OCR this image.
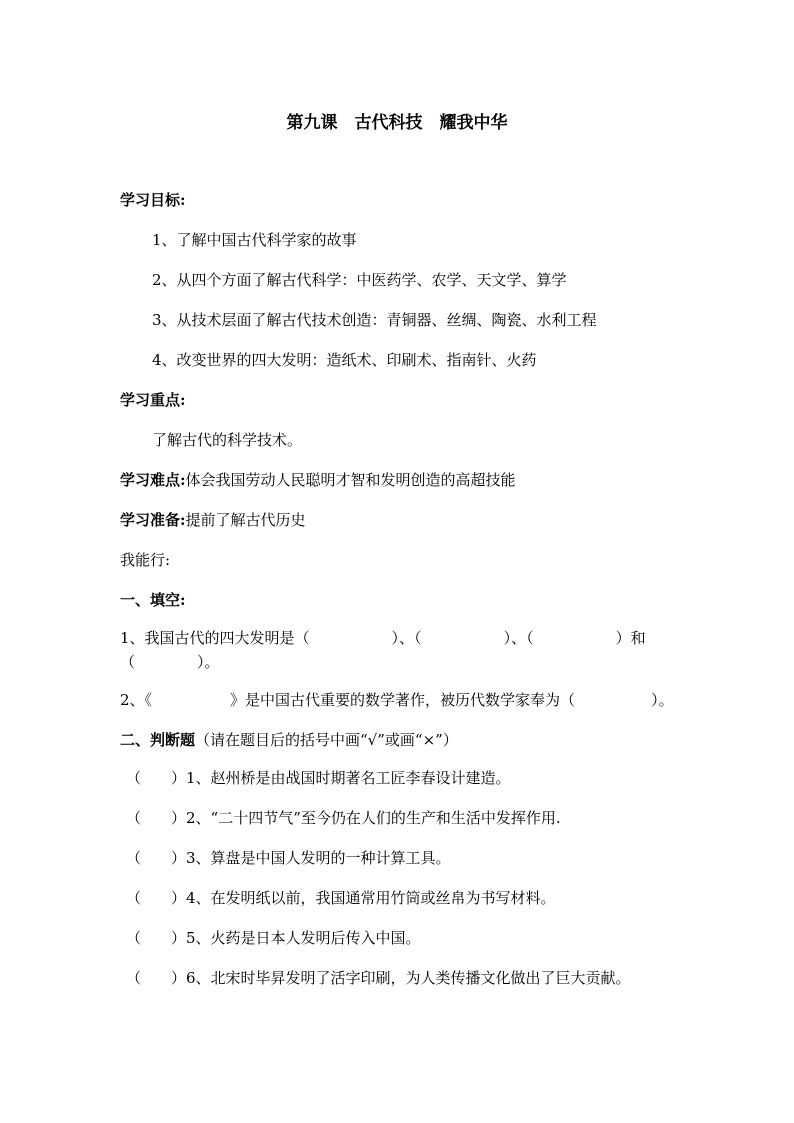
第九课　古代科技　耀我中华
学习目标:
1、了解中国古代科学家的故事
2、从四个方面了解古代科学：中医药学、农学、天文学、算学
3、从技术层面了解古代技术创造：青铜器、丝绸、陶瓷、水利工程
4、改变世界的四大发明：造纸术、印刷术、指南针、火药
学习重点:
了解古代的科学技术。
学习难点:体会我国劳动人民聪明才智和发明创造的高超技能
学习准备:提前了解古代历史
我能行:
一、填空:
1、我国古代的四大发明是（	）、（	）、（	）和
（	）。
2、《	》是中国古代重要的数学著作，被历代数学家奉为（	）。
二、判断题（请在题目后的括号中画“√”或画“×”）
（　　）1、赵州桥是由战国时期著名工匠李春设计建造。
（　　）2、“二十四节气”至今仍在人们的生产和生活中发挥作用.
（　　）3、算盘是中国人发明的一种计算工具。
（　　）4、在发明纸以前，我国通常用竹筒或丝帛为书写材料。
（　　）5、火药是日本人发明后传入中国。
（　　）6、北宋时毕昇发明了活字印刷，为人类传播文化做出了巨大贡献。
